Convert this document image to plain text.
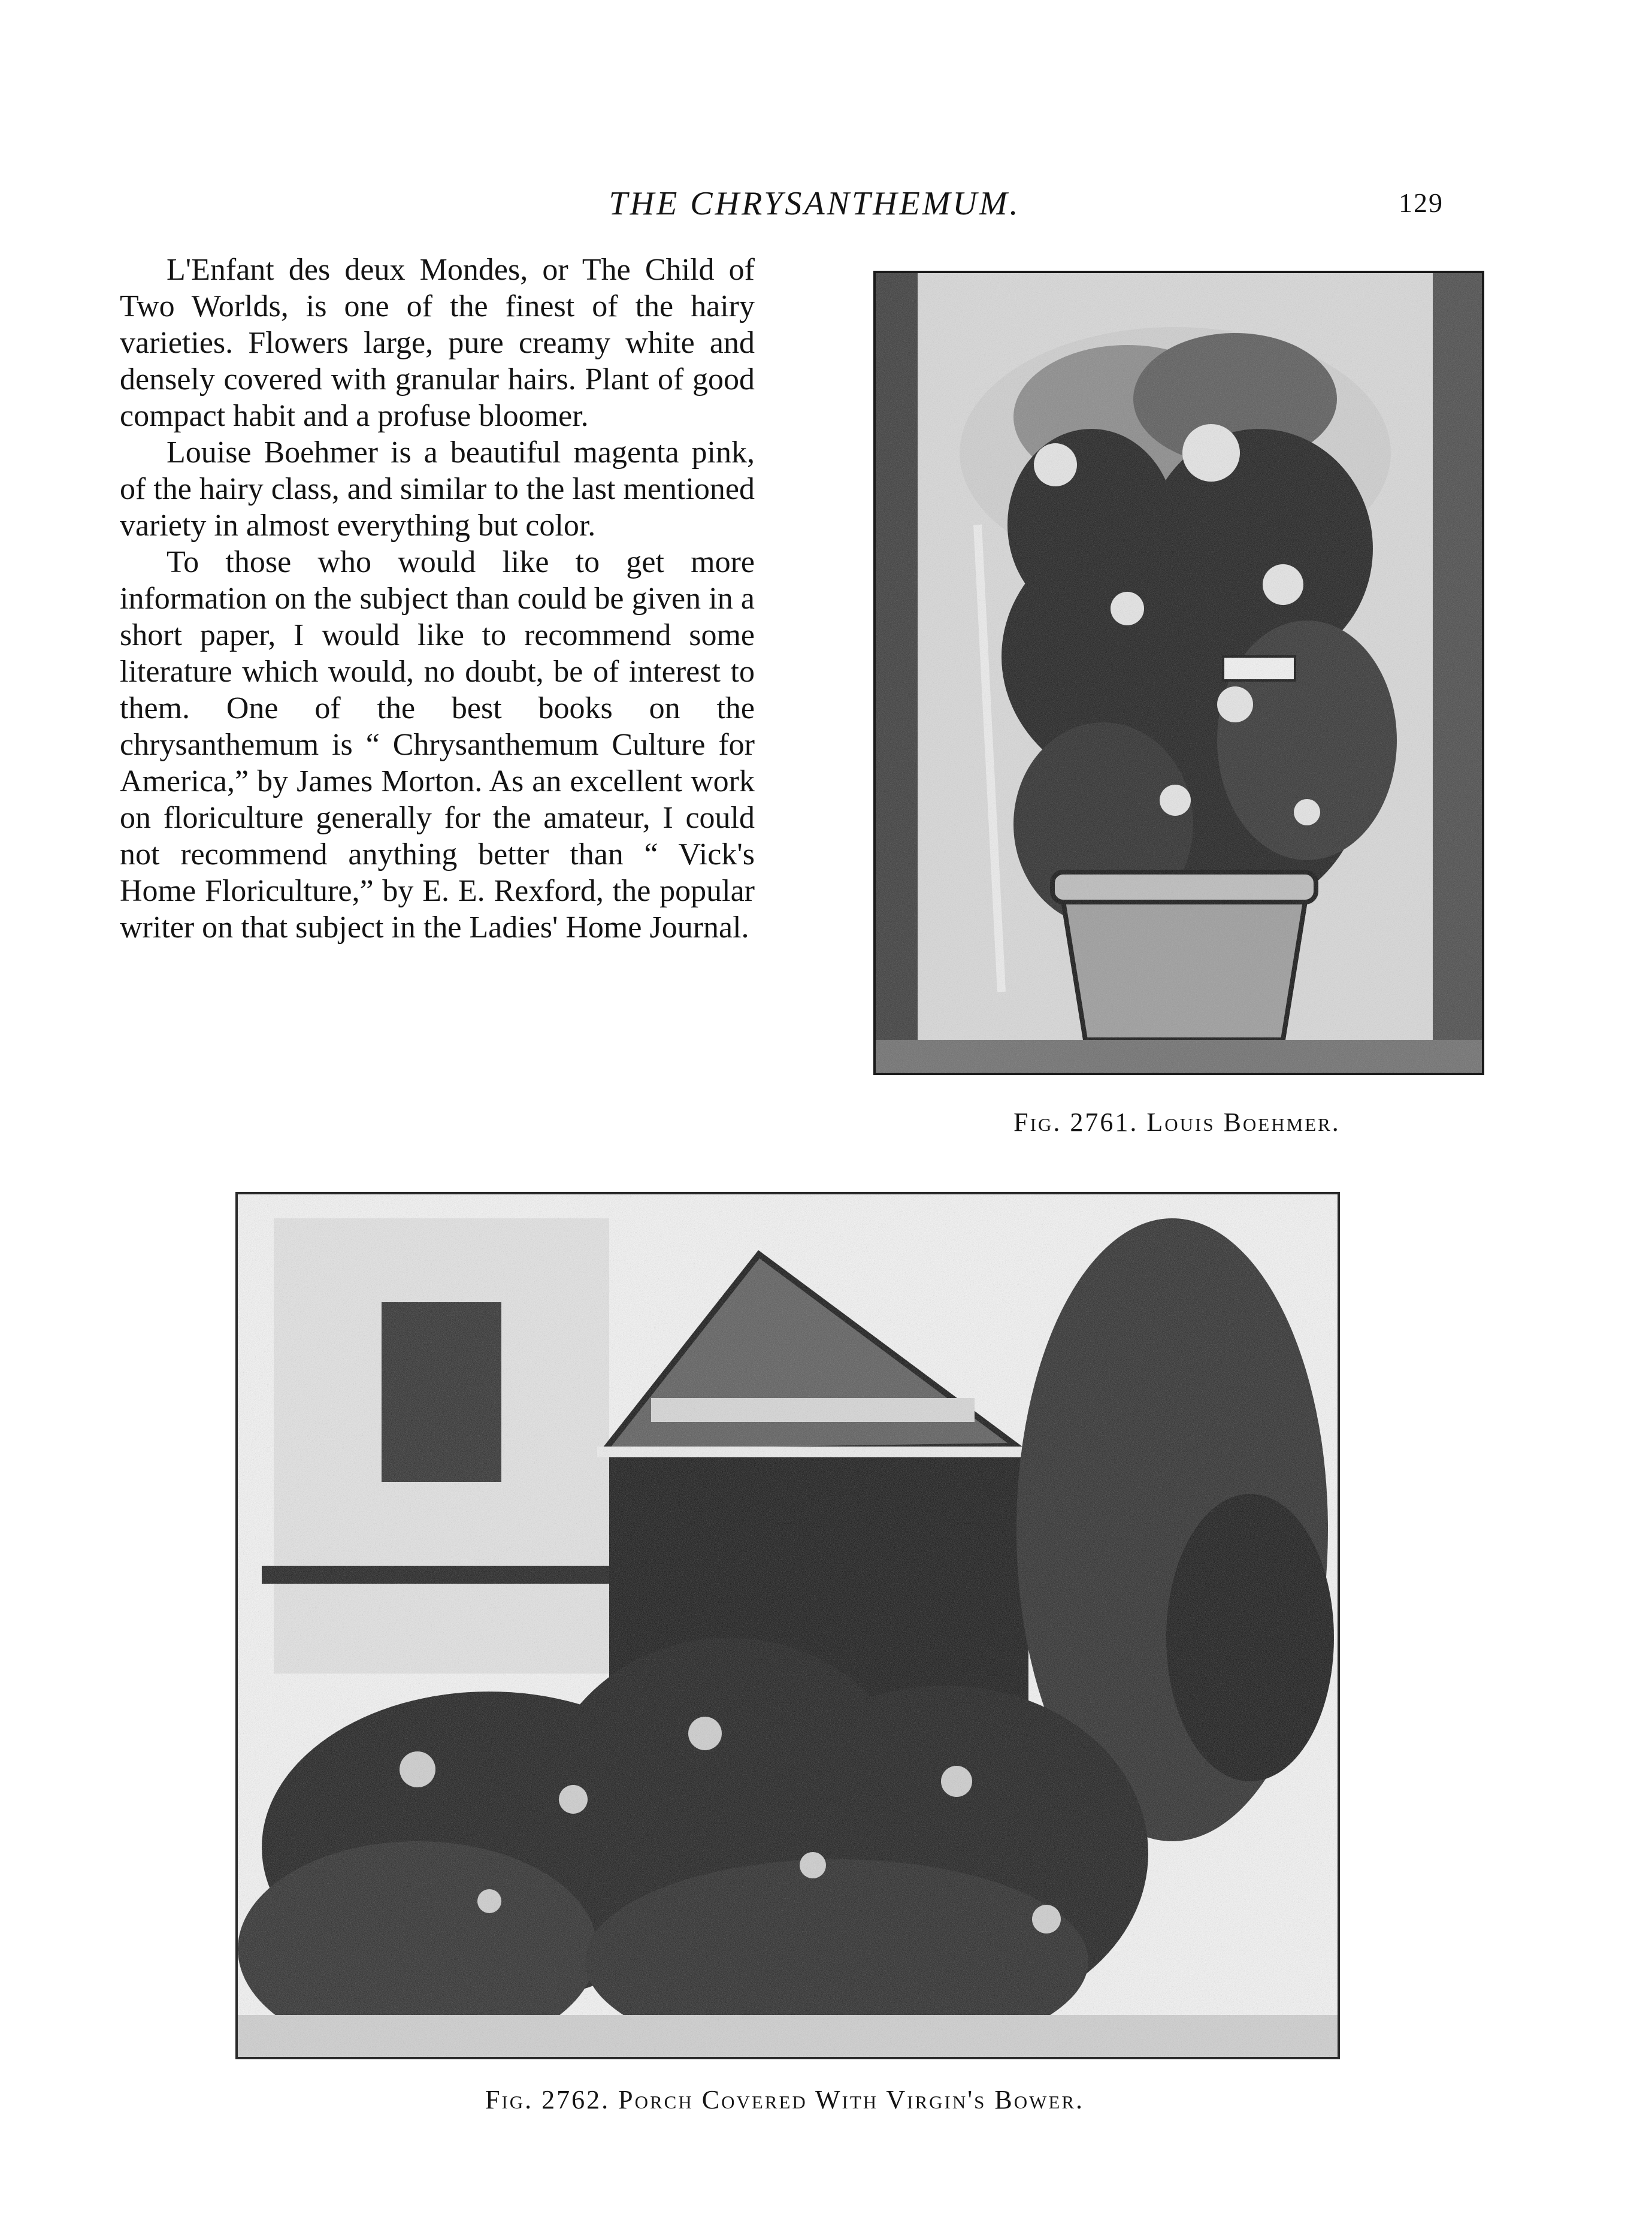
THE CHRYSANTHEMUM.	129

L'Enfant des deux Mondes, or The Child of Two Worlds, is one of the finest of the hairy varieties. Flowers large, pure creamy white and densely covered with granular hairs. Plant of good compact habit and a profuse bloomer.

Louise Boehmer is a beautiful magenta pink, of the hairy class, and similar to the last mentioned variety in almost everything but color.

To those who would like to get more information on the subject than could be given in a short paper, I would like to recommend some literature which would, no doubt, be of interest to them. One of the best books on the chrysanthemum is “ Chrysanthemum Culture for America,” by James Morton. As an excellent work on floriculture generally for the amateur, I could not recommend anything better than “ Vick's Home Floriculture,” by E. E. Rexford, the popular writer on that subject in the Ladies' Home Journal.

Fig. 2761. Louis Boehmer.
Fig. 2762. Porch Covered With Virgin's Bower.
